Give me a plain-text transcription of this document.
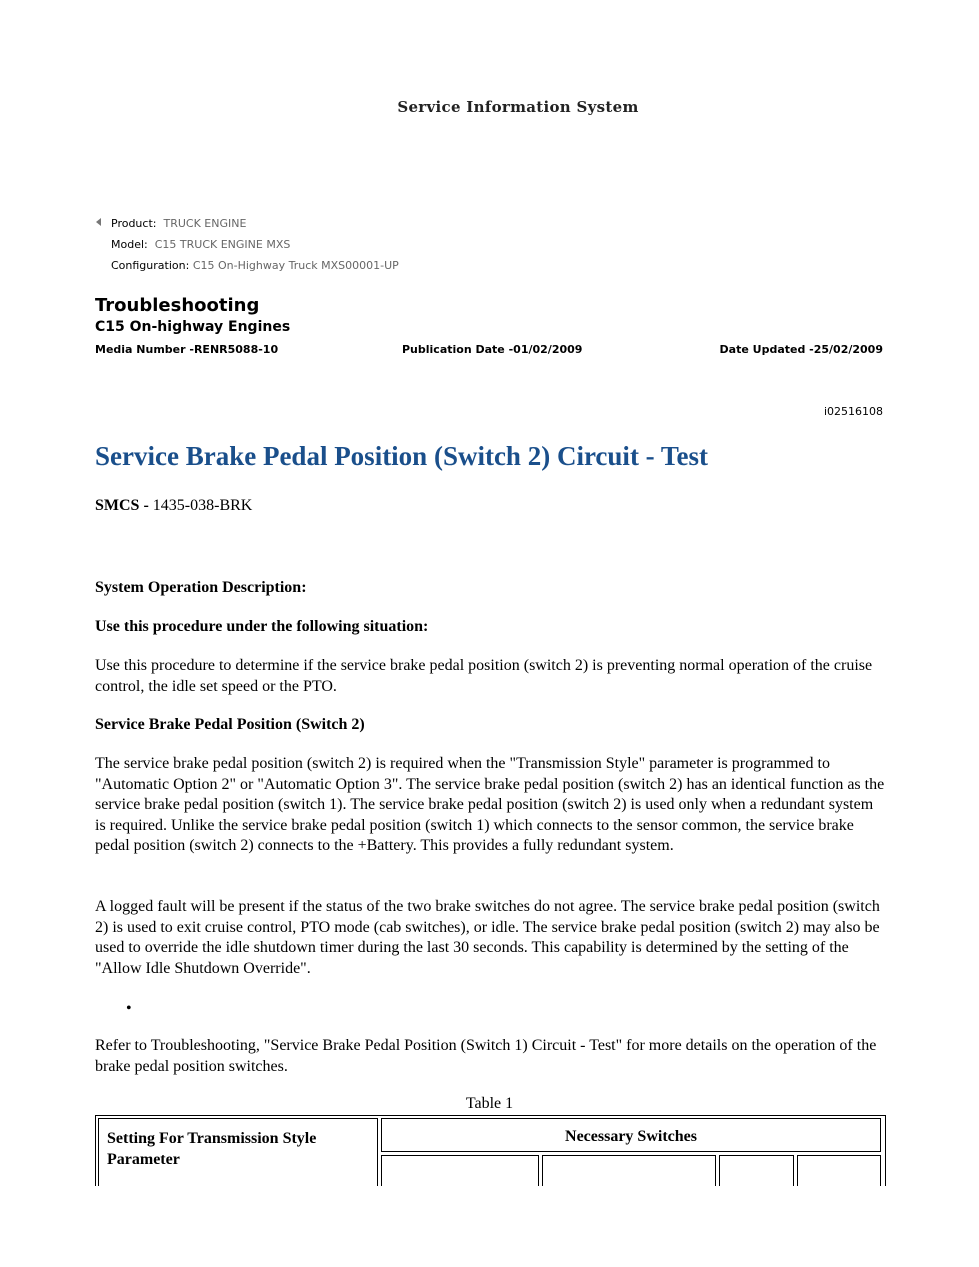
Service Information System
Product: TRUCK ENGINE
Model: C15 TRUCK ENGINE MXS
Configuration: C15 On-Highway Truck MXS00001-UP
Troubleshooting
C15 On-highway Engines
Media Number -RENR5088-10	Publication Date -01/02/2009	Date Updated -25/02/2009
i02516108
Service Brake Pedal Position (Switch 2) Circuit - Test
SMCS - 1435-038-BRK

System Operation Description:

Use this procedure under the following situation:

Use this procedure to determine if the service brake pedal position (switch 2) is preventing normal operation of the cruise control, the idle set speed or the PTO.

Service Brake Pedal Position (Switch 2)

The service brake pedal position (switch 2) is required when the "Transmission Style" parameter is programmed to "Automatic Option 2" or "Automatic Option 3". The service brake pedal position (switch 2) has an identical function as the service brake pedal position (switch 1). The service brake pedal position (switch 2) is used only when a redundant system is required. Unlike the service brake pedal position (switch 1) which connects to the sensor common, the service brake pedal position (switch 2) connects to the +Battery. This provides a fully redundant system.

A logged fault will be present if the status of the two brake switches do not agree. The service brake pedal position (switch 2) is used to exit cruise control, PTO mode (cab switches), or idle. The service brake pedal position (switch 2) may also be used to override the idle shutdown timer during the last 30 seconds. This capability is determined by the setting of the "Allow Idle Shutdown Override".

•

Refer to Troubleshooting, "Service Brake Pedal Position (Switch 1) Circuit - Test" for more details on the operation of the brake pedal position switches.

Table 1
Setting For Transmission Style Parameter
Necessary Switches
